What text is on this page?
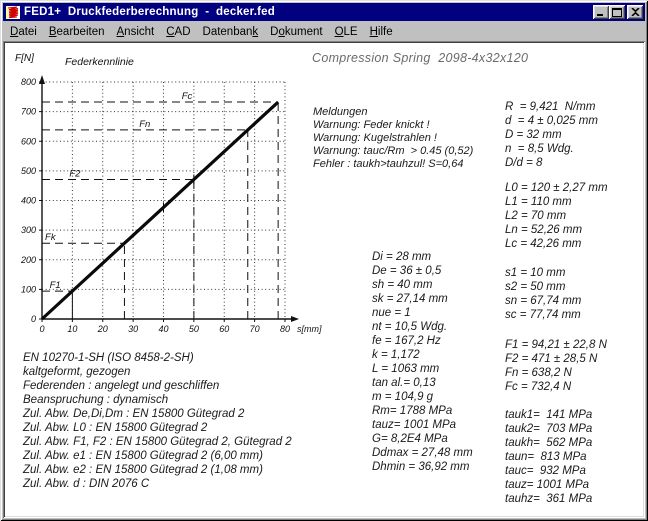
FED1+  Druckfederberechnung  -  decker.fed
Datei	Bearbeiten	Ansicht	CAD	Datenbank	Dokument	OLE	Hilfe
0
100
200
300
400
500
600
700
800
0	10 20 30 40 50 60 70 80 s[mm]
F[N]	Federkennlinie
F1
Fk
F2
Fn
Fc
Compression Spring  2098-4x32x120
Meldungen
Warnung: Feder knickt !
Warnung: Kugelstrahlen !
Warnung: tauc/Rm  > 0.45 (0,52)
Fehler : taukh>tauhzul! S=0,64
Di = 28 mm
De = 36 ± 0,5
sh = 40 mm
sk = 27,14 mm
nue = 1
nt = 10,5 Wdg.
fe = 167,2 Hz
k = 1,172
L = 1063 mm
tan al.= 0,13
m = 104,9 g
Rm= 1788 MPa
tauz= 1001 MPa
G= 8,2E4 MPa
Ddmax = 27,48 mm
Dhmin = 36,92 mm
R  = 9,421  N/mm
d  = 4 ± 0,025 mm
D = 32 mm
n  = 8,5 Wdg.
D/d = 8
L0 = 120 ± 2,27 mm
L1 = 110 mm
L2 = 70 mm
Ln = 52,26 mm
Lc = 42,26 mm
s1 = 10 mm
s2 = 50 mm
sn = 67,74 mm
sc = 77,74 mm
F1 = 94,21 ± 22,8 N
F2 = 471 ± 28,5 N
Fn = 638,2 N
Fc = 732,4 N
tauk1=  141 MPa
tauk2=  703 MPa
taukh=  562 MPa
taun=  813 MPa
tauc=  932 MPa
tauz= 1001 MPa
tauhz=  361 MPa
EN 10270-1-SH (ISO 8458-2-SH)
kaltgeformt, gezogen
Federenden : angelegt und geschliffen
Beanspruchung : dynamisch
Zul. Abw. De,Di,Dm : EN 15800 Gütegrad 2
Zul. Abw. L0 : EN 15800 Gütegrad 2
Zul. Abw. F1, F2 : EN 15800 Gütegrad 2, Gütegrad 2
Zul. Abw. e1 : EN 15800 Gütegrad 2 (6,00 mm)
Zul. Abw. e2 : EN 15800 Gütegrad 2 (1,08 mm)
Zul. Abw. d : DIN 2076 C
